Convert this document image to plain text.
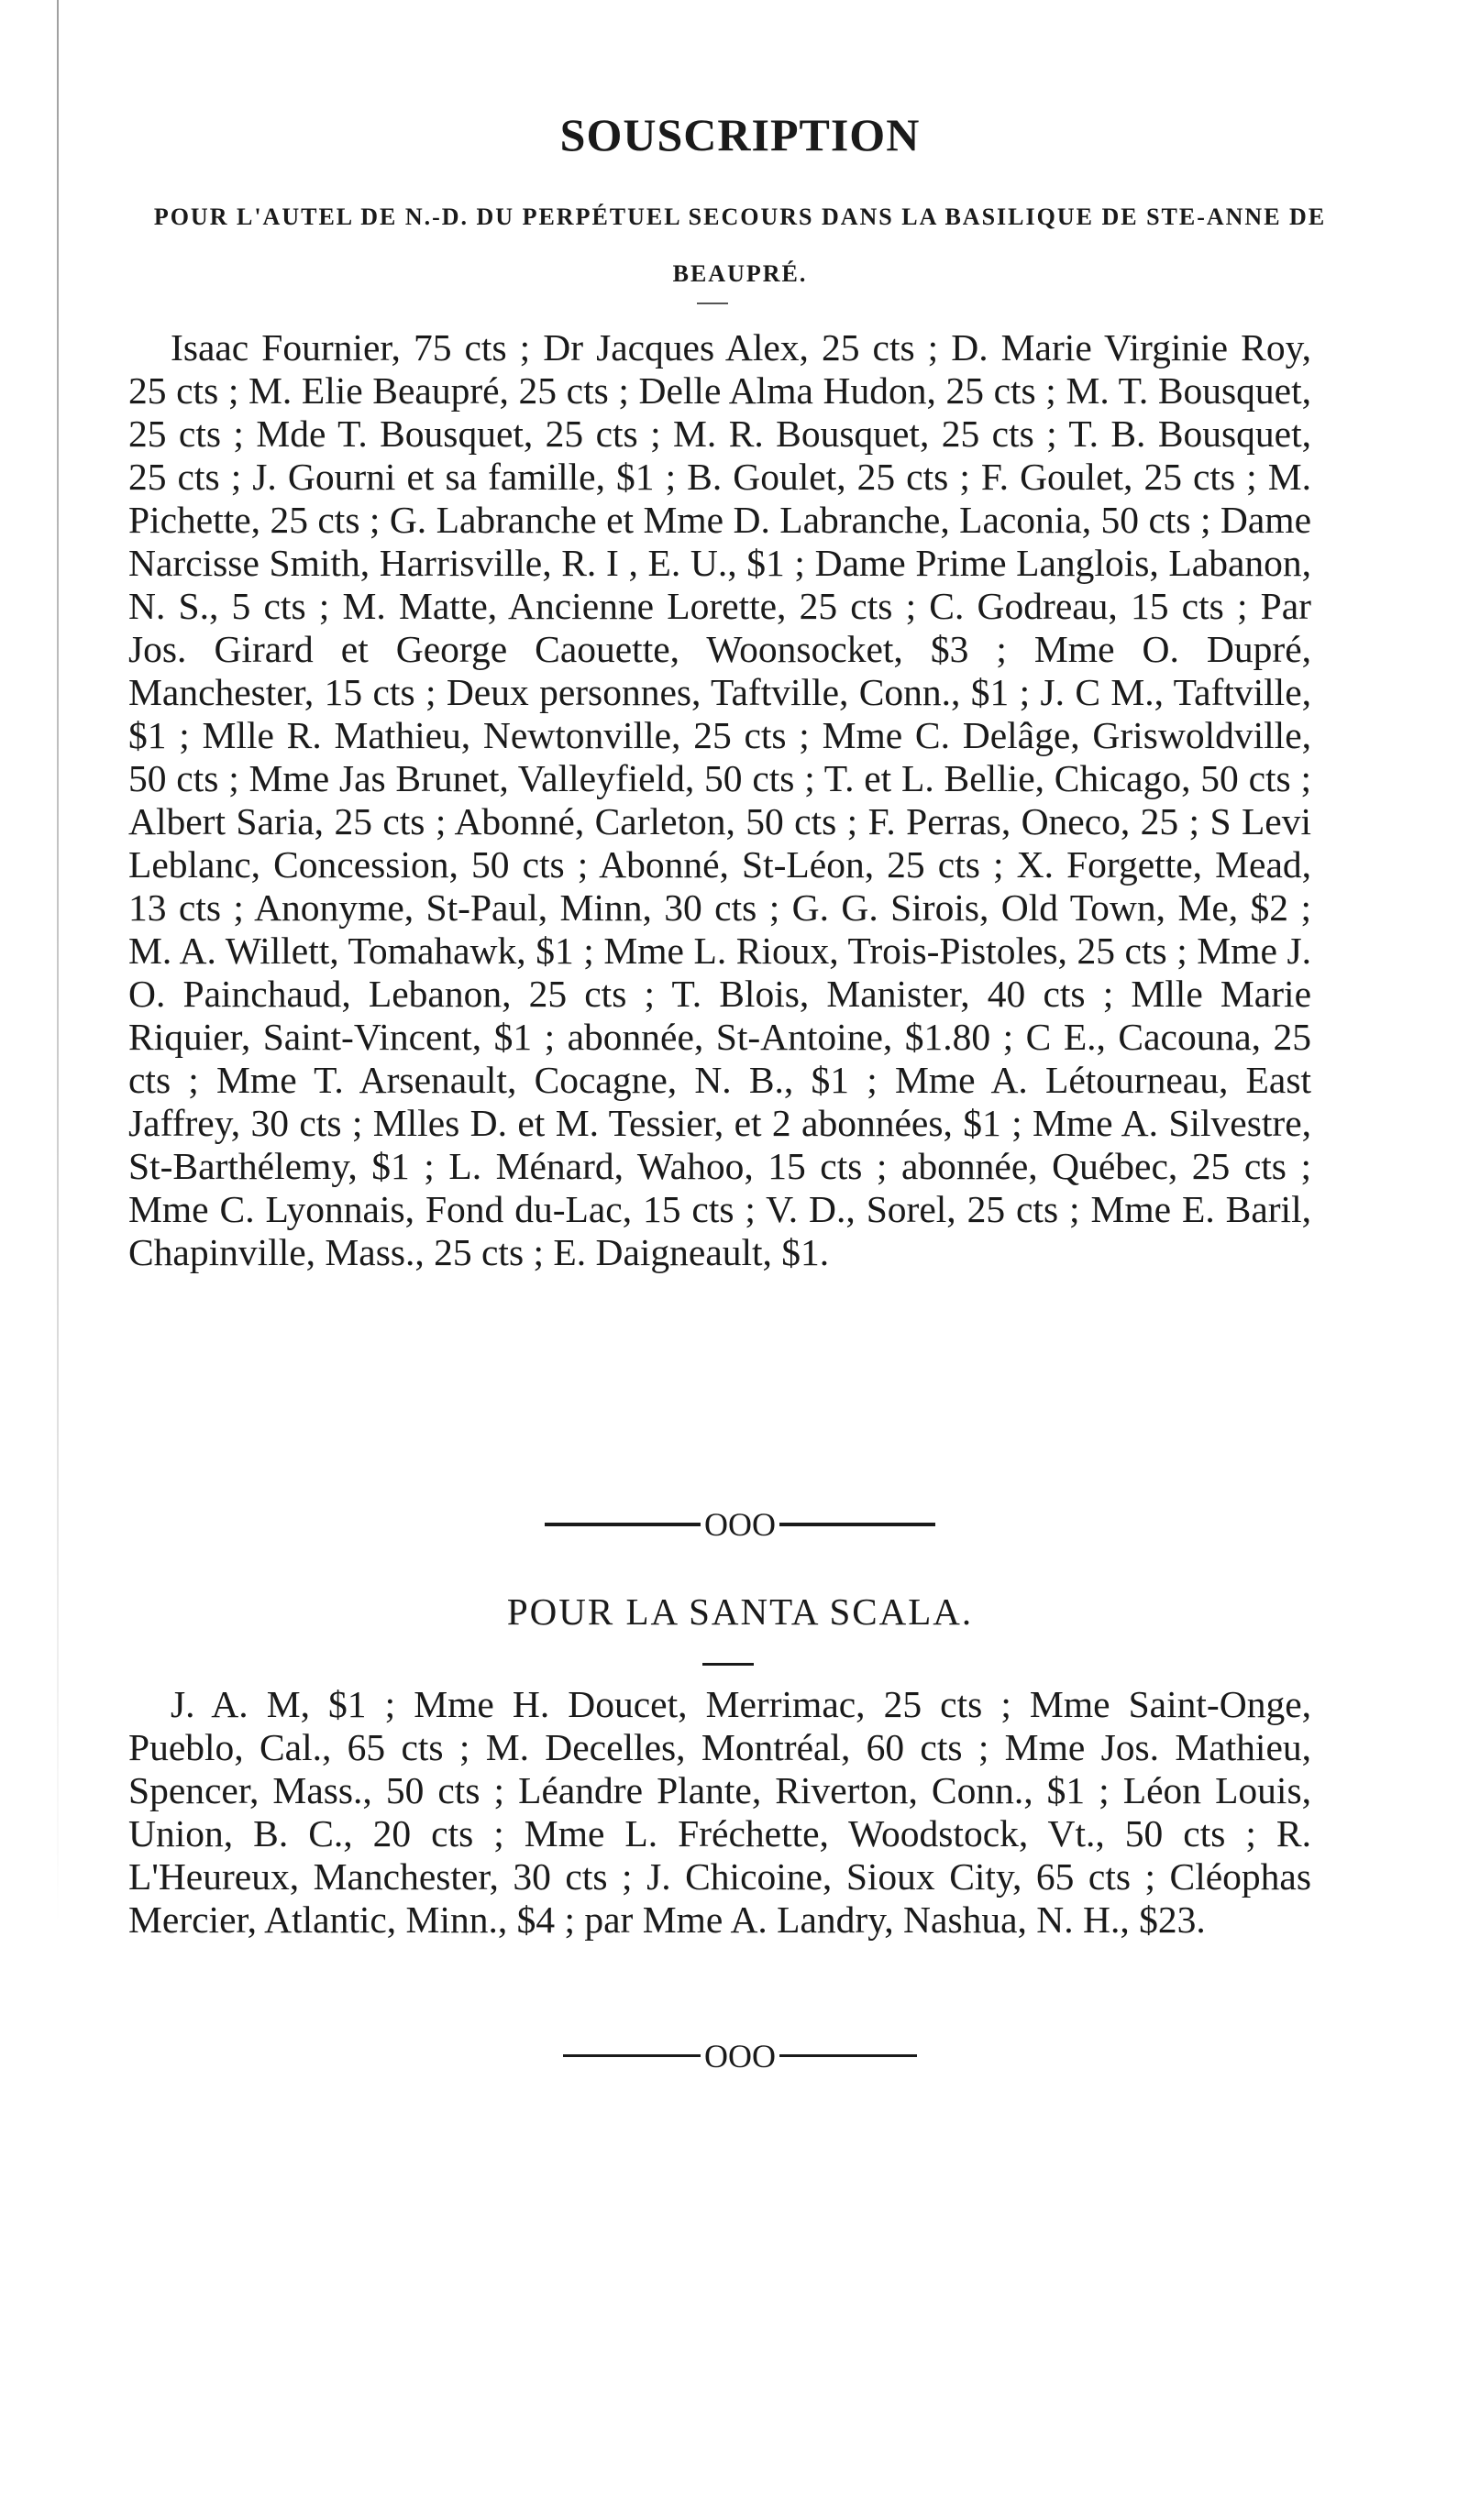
SOUSCRIPTION

POUR L'AUTEL DE N.-D. DU PERPÉTUEL SECOURS DANS LA BASILIQUE DE STE-ANNE DE BEAUPRÉ.

Isaac Fournier, 75 cts ; Dr Jacques Alex, 25 cts ; D. Marie Virginie Roy, 25 cts ; M. Elie Beaupré, 25 cts ; Delle Alma Hudon, 25 cts ; M. T. Bousquet, 25 cts ; Mde T. Bousquet, 25 cts ; M. R. Bousquet, 25 cts ; T. B. Bousquet, 25 cts ; J. Gourni et sa famille, $1 ; B. Goulet, 25 cts ; F. Goulet, 25 cts ; M. Pichette, 25 cts ; G. Labranche et Mme D. Labranche, Laconia, 50 cts ; Dame Narcisse Smith, Harrisville, R. I , E. U., $1 ; Dame Prime Langlois, Labanon, N. S., 5 cts ; M. Matte, Ancienne Lorette, 25 cts ; C. Godreau, 15 cts ; Par Jos. Girard et George Caouette, Woonsocket, $3 ; Mme O. Dupré, Manchester, 15 cts ; Deux personnes, Taftville, Conn., $1 ; J. C M., Taftville, $1 ; Mlle R. Mathieu, Newtonville, 25 cts ; Mme C. Delâge, Griswoldville, 50 cts ; Mme Jas Brunet, Valleyfield, 50 cts ; T. et L. Bellie, Chicago, 50 cts ; Albert Saria, 25 cts ; Abonné, Carleton, 50 cts ; F. Perras, Oneco, 25 ; S Levi Leblanc, Concession, 50 cts ; Abonné, St-Léon, 25 cts ; X. Forgette, Mead, 13 cts ; Anonyme, St-Paul, Minn, 30 cts ; G. G. Sirois, Old Town, Me, $2 ; M. A. Willett, Tomahawk, $1 ; Mme L. Rioux, Trois-Pistoles, 25 cts ; Mme J. O. Painchaud, Lebanon, 25 cts ; T. Blois, Manister, 40 cts ; Mlle Marie Riquier, Saint-Vincent, $1 ; abonnée, St-Antoine, $1.80 ; C E., Cacouna, 25 cts ; Mme T. Arsenault, Cocagne, N. B., $1 ; Mme A. Létourneau, East Jaffrey, 30 cts ; Mlles D. et M. Tessier, et 2 abonnées, $1 ; Mme A. Silvestre, St-Barthélemy, $1 ; L. Ménard, Wahoo, 15 cts ; abonnée, Québec, 25 cts ; Mme C. Lyonnais, Fond du-Lac, 15 cts ; V. D., Sorel, 25 cts ; Mme E. Baril, Chapinville, Mass., 25 cts ; E. Daigneault, $1.

OOO
POUR LA SANTA SCALA.

J. A. M, $1 ; Mme H. Doucet, Merrimac, 25 cts ; Mme Saint-Onge, Pueblo, Cal., 65 cts ; M. Decelles, Montréal, 60 cts ; Mme Jos. Mathieu, Spencer, Mass., 50 cts ; Léandre Plante, Riverton, Conn., $1 ; Léon Louis, Union, B. C., 20 cts ; Mme L. Fréchette, Woodstock, Vt., 50 cts ; R. L'Heureux, Manchester, 30 cts ; J. Chicoine, Sioux City, 65 cts ; Cléophas Mercier, Atlantic, Minn., $4 ; par Mme A. Landry, Nashua, N. H., $23.

OOO
